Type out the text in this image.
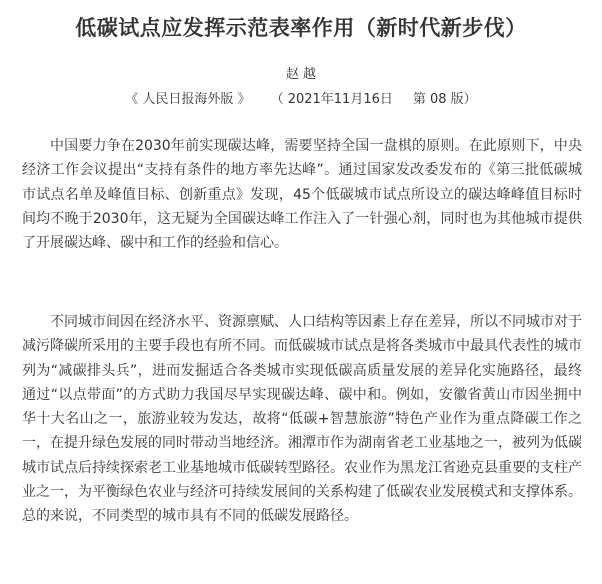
低碳试点应发挥示范表率作用（新时代新步伐）
赵 越
《 人民日报海外版 》 （ 2021年11月16日 第 08 版）

中国要力争在2030年前实现碳达峰，需要坚持全国一盘棋的原则。在此原则下，中央经济工作会议提出“支持有条件的地方率先达峰”。通过国家发改委发布的《第三批低碳城市试点名单及峰值目标、创新重点》发现，45个低碳城市试点所设立的碳达峰峰值目标时间均不晚于2030年，这无疑为全国碳达峰工作注入了一针强心剂，同时也为其他城市提供了开展碳达峰、碳中和工作的经验和信心。

不同城市间因在经济水平、资源禀赋、人口结构等因素上存在差异，所以不同城市对于减污降碳所采用的主要手段也有所不同。而低碳城市试点是将各类城市中最具代表性的城市列为“减碳排头兵”，进而发掘适合各类城市实现低碳高质量发展的差异化实施路径，最终通过“以点带面”的方式助力我国尽早实现碳达峰、碳中和。例如，安徽省黄山市因坐拥中华十大名山之一，旅游业较为发达，故将“低碳+智慧旅游”特色产业作为重点降碳工作之一，在提升绿色发展的同时带动当地经济。湘潭市作为湖南省老工业基地之一，被列为低碳城市试点后持续探索老工业基地城市低碳转型路径。农业作为黑龙江省逊克县重要的支柱产业之一，为平衡绿色农业与经济可持续发展间的关系构建了低碳农业发展模式和支撑体系。总的来说，不同类型的城市具有不同的低碳发展路径。
